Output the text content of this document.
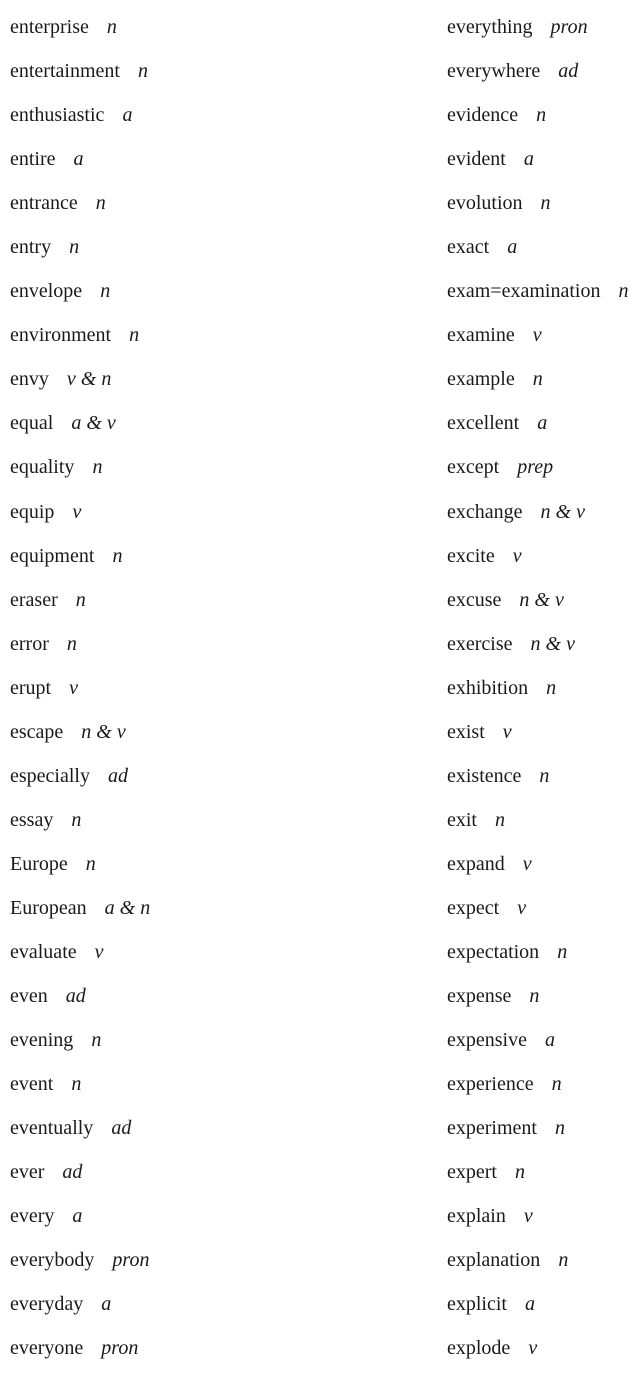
enterprise n
entertainment n
enthusiastic a
entire a
entrance n
entry n
envelope n
environment n
envy v & n
equal a & v
equality n
equip v
equipment n
eraser n
error n
erupt v
escape n & v
especially ad
essay n
Europe n
European a & n
evaluate v
even ad
evening n
event n
eventually ad
ever ad
every a
everybody pron
everyday a
everyone pron
everything pron
everywhere ad
evidence n
evident a
evolution n
exact a
exam=examination n
examine v
example n
excellent a
except prep
exchange n & v
excite v
excuse n & v
exercise n & v
exhibition n
exist v
existence n
exit n
expand v
expect v
expectation n
expense n
expensive a
experience n
experiment n
expert n
explain v
explanation n
explicit a
explode v
